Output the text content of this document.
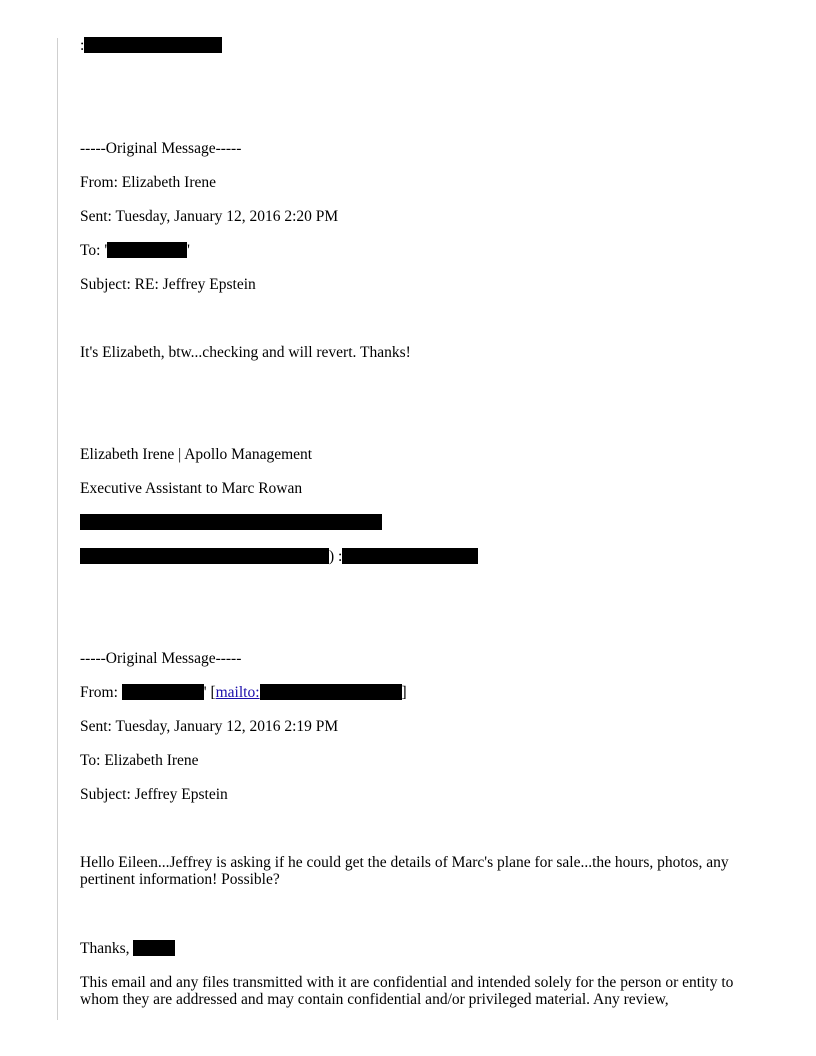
:
-----Original Message-----
From: Elizabeth Irene
Sent: Tuesday, January 12, 2016 2:20 PM
To: '	'
Subject: RE: Jeffrey Epstein
It's Elizabeth, btw...checking and will revert. Thanks!
Elizabeth Irene | Apollo Management
Executive Assistant to Marc Rowan
) :
-----Original Message-----
From:	' [mailto:	]
Sent: Tuesday, January 12, 2016 2:19 PM
To: Elizabeth Irene
Subject: Jeffrey Epstein
Hello Eileen...Jeffrey is asking if he could get the details of Marc's plane for sale...the hours, photos, any pertinent information! Possible?
Thanks,
This email and any files transmitted with it are confidential and intended solely for the person or entity to whom they are addressed and may contain confidential and/or privileged material. Any review,
